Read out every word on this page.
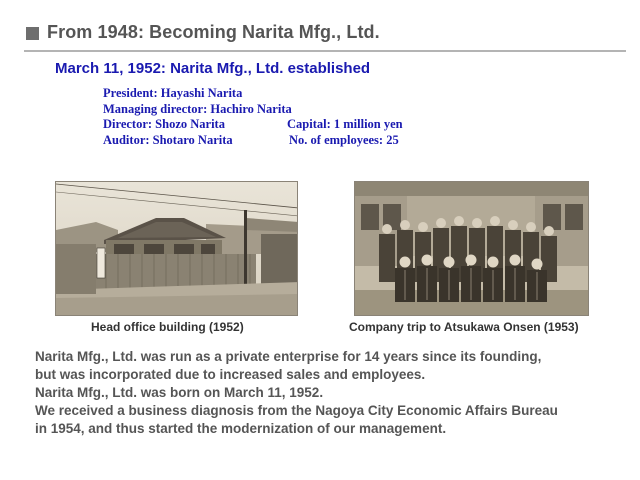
From 1948: Becoming Narita Mfg., Ltd.
March 11, 1952: Narita Mfg., Ltd. established
President: Hayashi Narita
Managing director: Hachiro Narita
Director: Shozo Narita	Capital: 1 million yen
Auditor: Shotaro Narita	No. of employees: 25
Head office building (1952)	Company trip to Atsukawa Onsen (1953)

Narita Mfg., Ltd. was run as a private enterprise for 14 years since its founding,

but was incorporated due to increased sales and employees.

Narita Mfg., Ltd. was born on March 11, 1952.

We received a business diagnosis from the Nagoya City Economic Affairs Bureau

in 1954, and thus started the modernization of our management.
